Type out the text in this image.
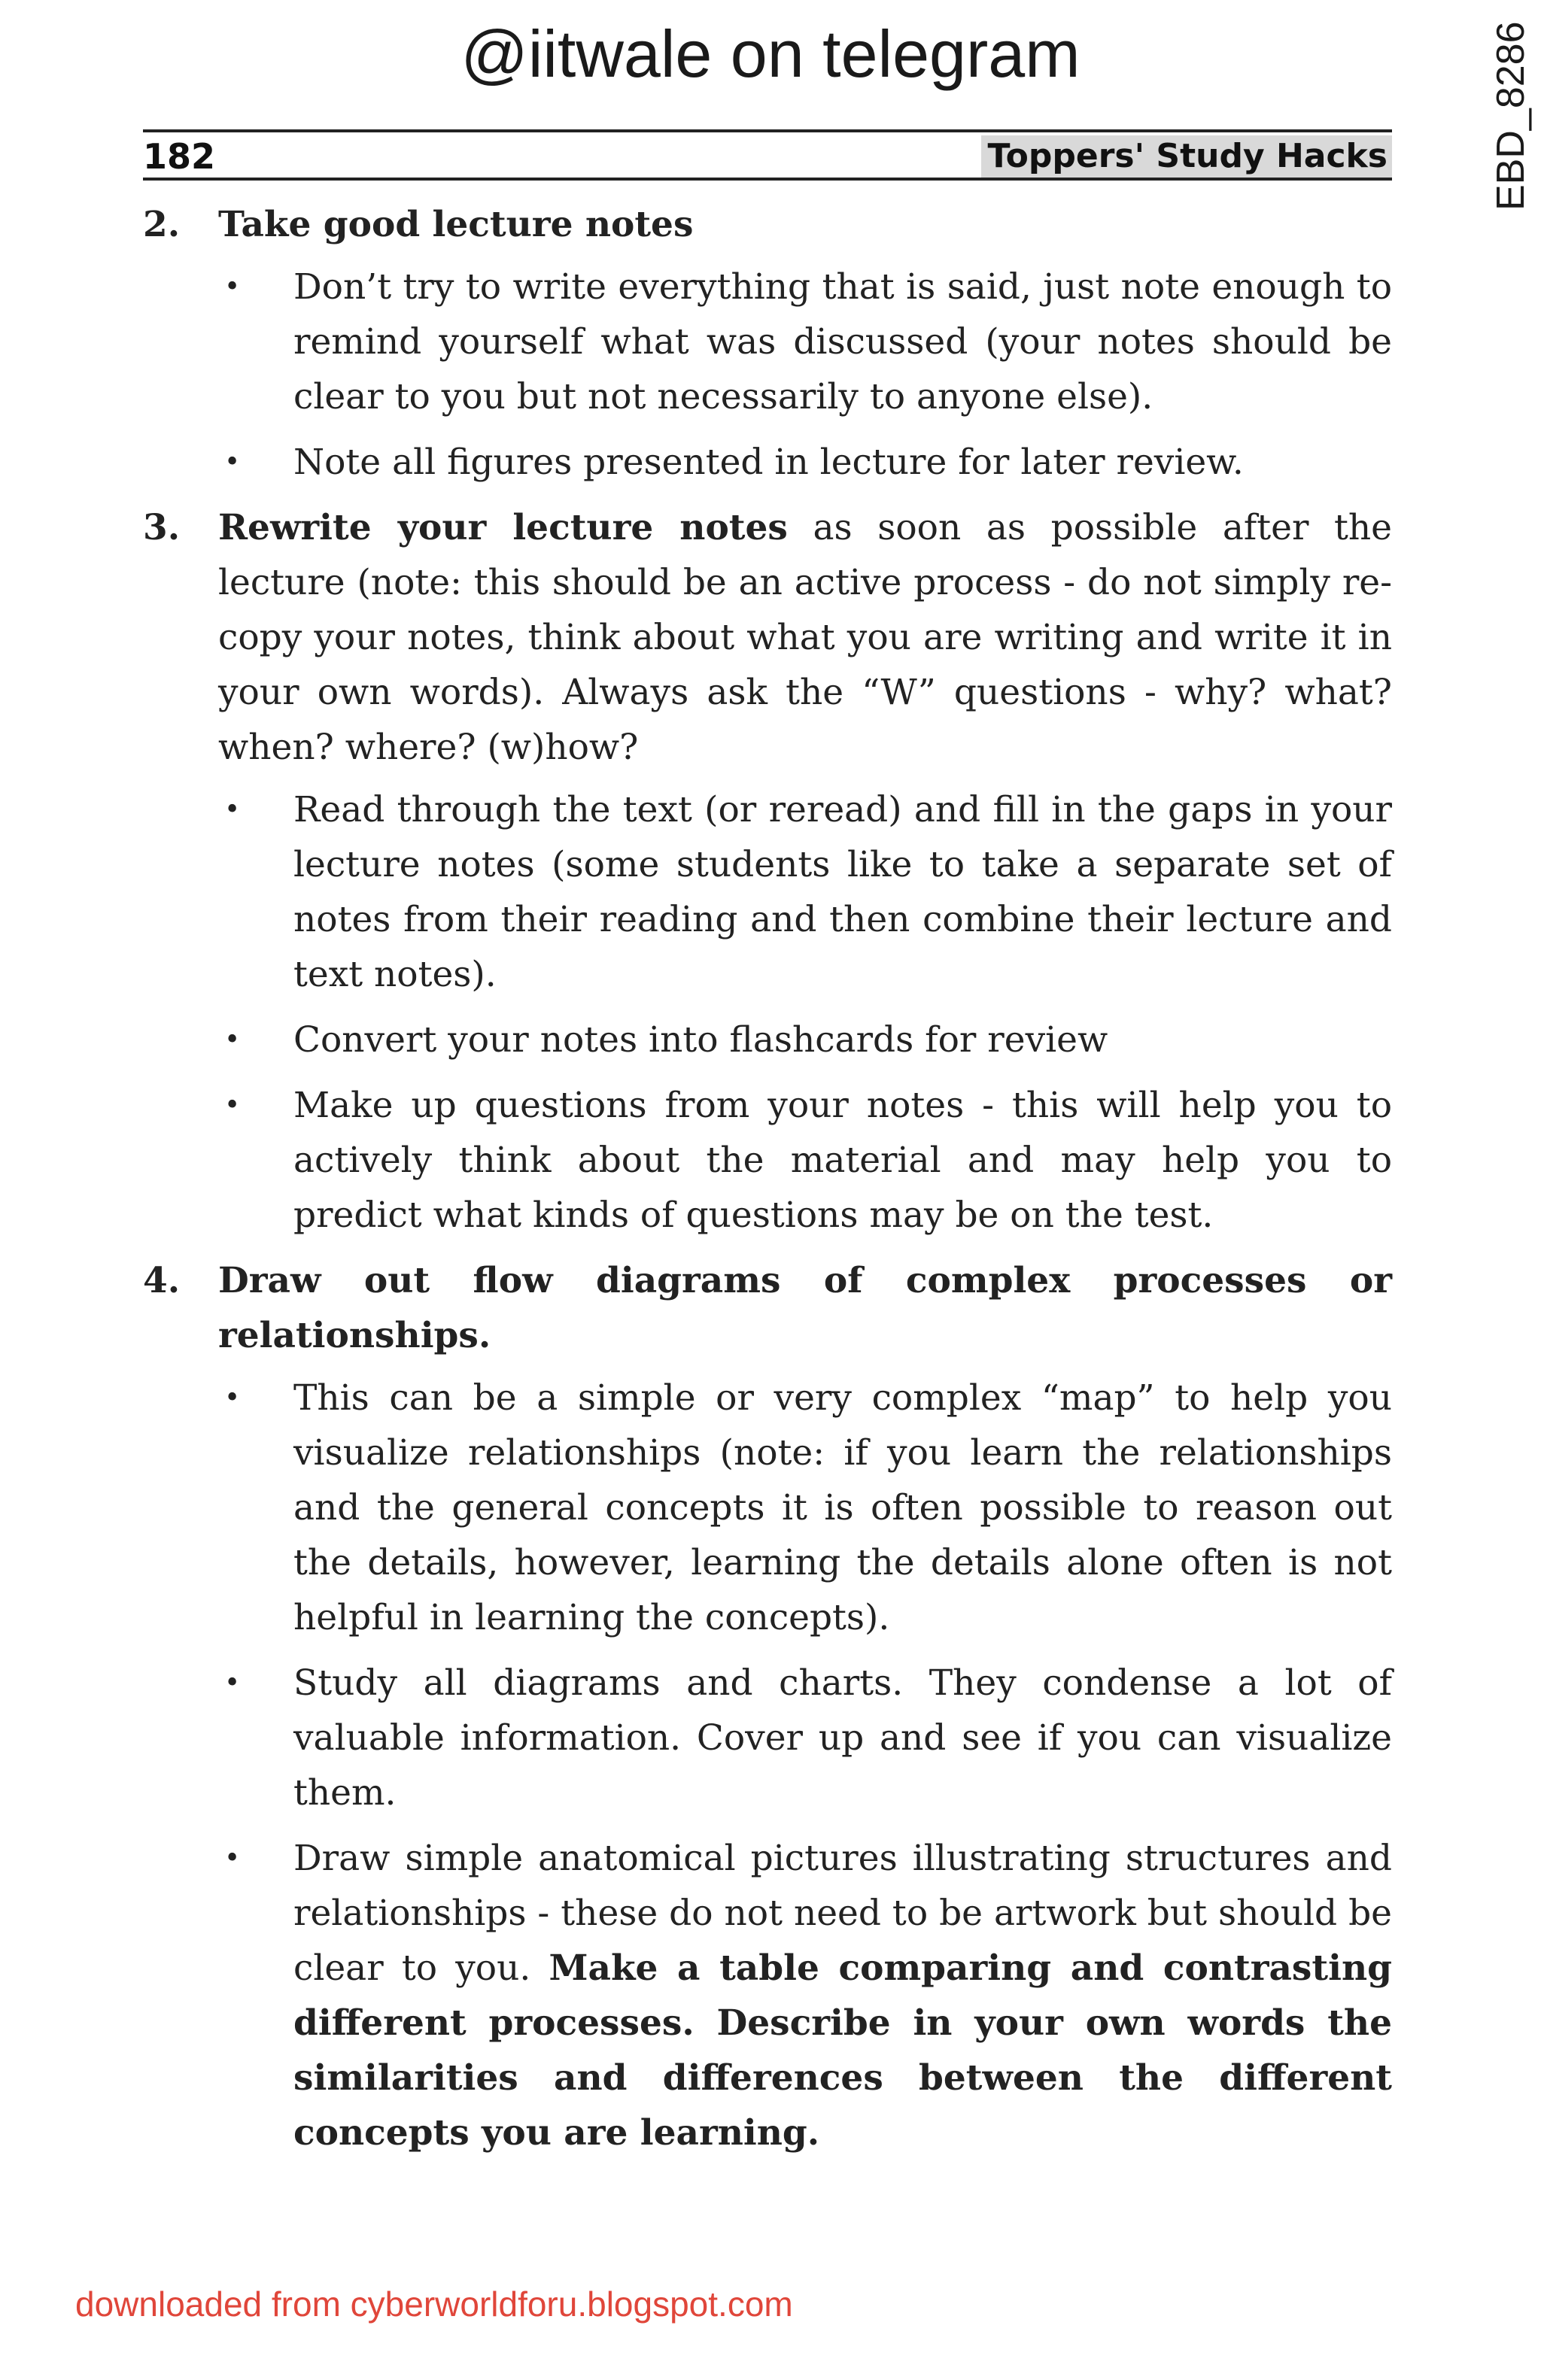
@iitwale on telegram	EBD_8286
182	Toppers' Study Hacks
2. Take good lecture notes
• Don’t try to write everything that is said, just note enough to remind yourself what was discussed (your notes should be clear to you but not necessarily to anyone else).
• Note all figures presented in lecture for later review.
3. Rewrite your lecture notes as soon as possible after the lecture (note: this should be an active process - do not simply re-copy your notes, think about what you are writing and write it in your own words). Always ask the “W” questions - why? what? when? where? (w)how?
• Read through the text (or reread) and fill in the gaps in your lecture notes (some students like to take a separate set of notes from their reading and then combine their lecture and text notes).
• Convert your notes into flashcards for review
• Make up questions from your notes - this will help you to actively think about the material and may help you to predict what kinds of questions may be on the test.
4. Draw out flow diagrams of complex processes or relationships.
• This can be a simple or very complex “map” to help you visualize relationships (note: if you learn the relationships and the general concepts it is often possible to reason out the details, however, learning the details alone often is not helpful in learning the concepts).
• Study all diagrams and charts. They condense a lot of valuable information. Cover up and see if you can visualize them.
• Draw simple anatomical pictures illustrating structures and relationships - these do not need to be artwork but should be clear to you. Make a table comparing and contrasting different processes. Describe in your own words the similarities and differences between the different concepts you are learning.
downloaded from cyberworldforu.blogspot.com
